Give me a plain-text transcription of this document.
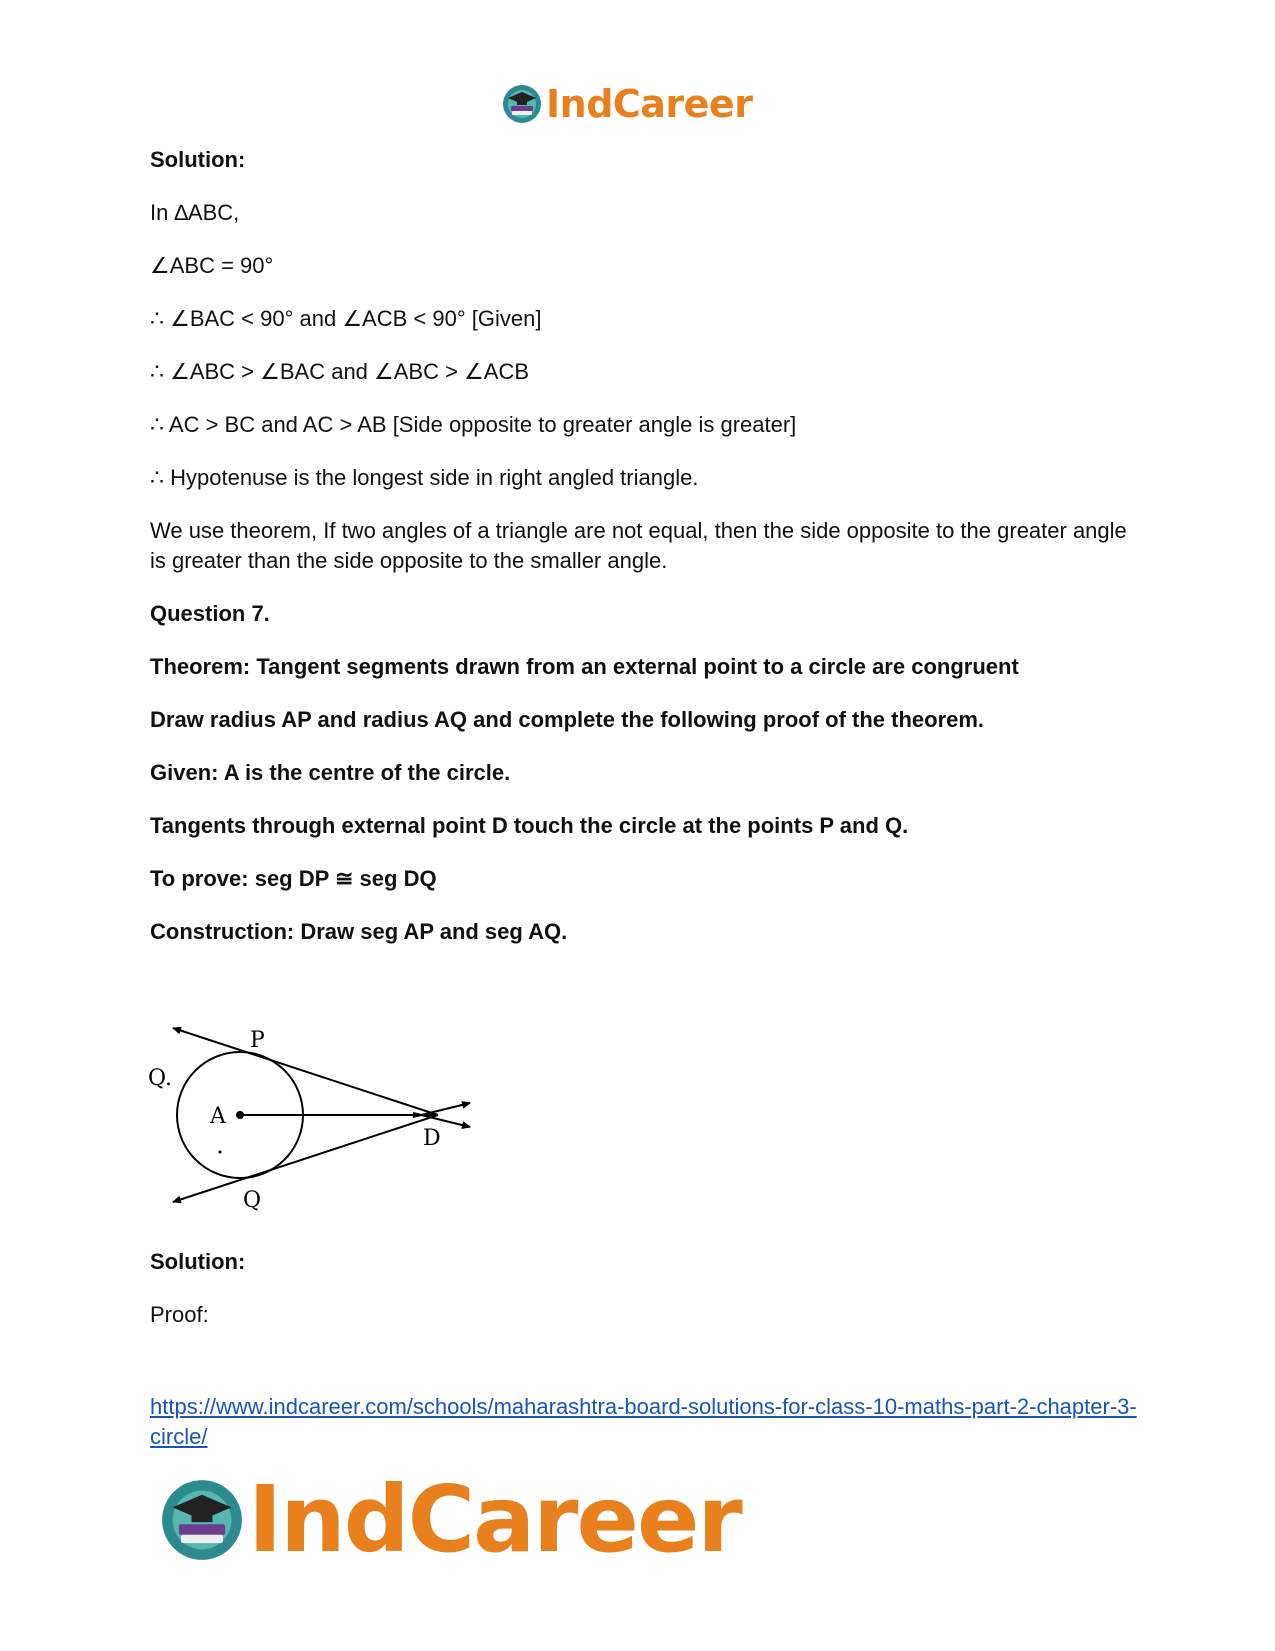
IndCareer
Solution:
In ∆ABC,
∠ABC = 90°
∴ ∠BAC < 90° and ∠ACB < 90° [Given]
∴ ∠ABC > ∠BAC and ∠ABC > ∠ACB
∴ AC > BC and AC > AB [Side opposite to greater angle is greater]
∴ Hypotenuse is the longest side in right angled triangle.
We use theorem, If two angles of a triangle are not equal, then the side opposite to the greater angle is greater than the side opposite to the smaller angle.
Question 7.
Theorem: Tangent segments drawn from an external point to a circle are congruent
Draw radius AP and radius AQ and complete the following proof of the theorem.
Given: A is the centre of the circle.
Tangents through external point D touch the circle at the points P and Q.
To prove: seg DP ≅ seg DQ
Construction: Draw seg AP and seg AQ.
P
Q.
A
D
Q
Solution:
Proof:
https://www.indcareer.com/schools/maharashtra-board-solutions-for-class-10-maths-part-2-chapter-3-circle/
IndCareer
